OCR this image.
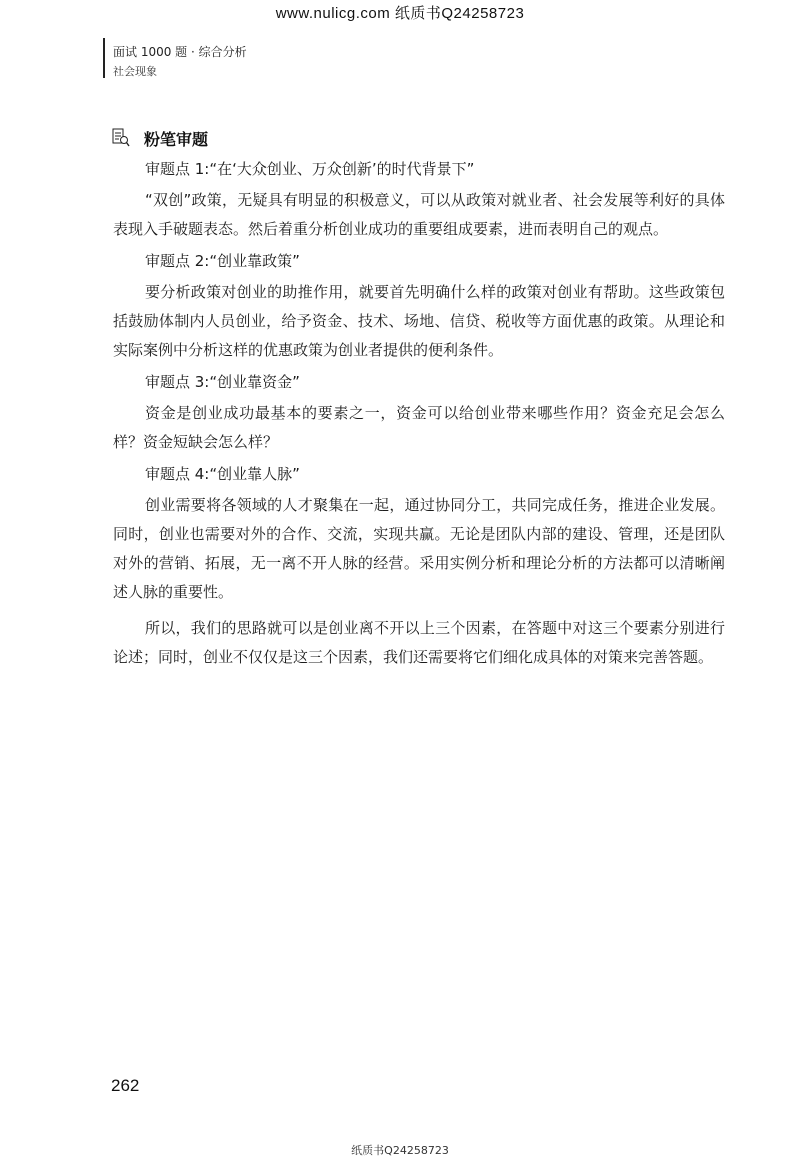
www.nulicg.com 纸质书Q24258723
面试 1000 题 · 综合分析
社会现象
粉笔审题

审题点 1:“在‘大众创业、万众创新’的时代背景下”

“双创”政策，无疑具有明显的积极意义，可以从政策对就业者、社会发展等利好的具体表现入手破题表态。然后着重分析创业成功的重要组成要素，进而表明自己的观点。

审题点 2:“创业靠政策”

要分析政策对创业的助推作用，就要首先明确什么样的政策对创业有帮助。这些政策包括鼓励体制内人员创业，给予资金、技术、场地、信贷、税收等方面优惠的政策。从理论和实际案例中分析这样的优惠政策为创业者提供的便利条件。

审题点 3:“创业靠资金”

资金是创业成功最基本的要素之一，资金可以给创业带来哪些作用？资金充足会怎么样？资金短缺会怎么样？

审题点 4:“创业靠人脉”

创业需要将各领域的人才聚集在一起，通过协同分工，共同完成任务，推进企业发展。同时，创业也需要对外的合作、交流，实现共赢。无论是团队内部的建设、管理，还是团队对外的营销、拓展，无一离不开人脉的经营。采用实例分析和理论分析的方法都可以清晰阐述人脉的重要性。

所以，我们的思路就可以是创业离不开以上三个因素，在答题中对这三个要素分别进行论述；同时，创业不仅仅是这三个因素，我们还需要将它们细化成具体的对策来完善答题。

262
纸质书Q24258723
